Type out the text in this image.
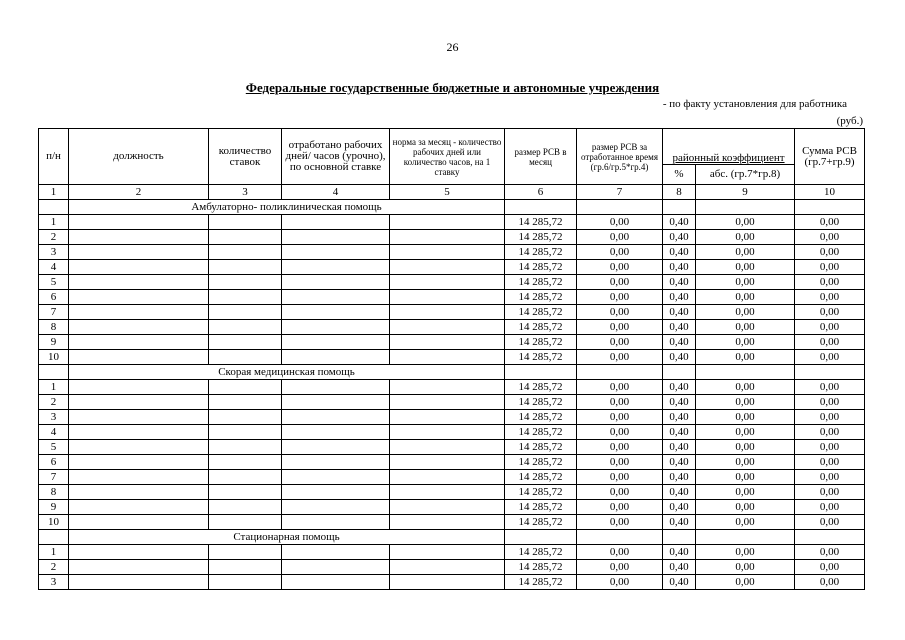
26
Федеральные государственные бюджетные и автономные учреждения
- по факту установления для работника
(руб.)
п/н	должность	количество ставок	отработано рабочих дней/ часов (урочно), по основной ставке	норма за месяц - количество рабочих дней или количество часов, на 1 ставку	размер РСВ в месяц	размер РСВ за отработанное время (гр.6/гр.5*гр.4)	районный коэффициент		Сумма РСВ (гр.7+гр.9)
							%	абс. (гр.7*гр.8)	
1	2	3	4	5	6	7	8	9	10
	Амбулаторно- поликлиническая помощь								
1					14 285,72	0,00	0,40	0,00	0,00
2					14 285,72	0,00	0,40	0,00	0,00
3					14 285,72	0,00	0,40	0,00	0,00
4					14 285,72	0,00	0,40	0,00	0,00
5					14 285,72	0,00	0,40	0,00	0,00
6					14 285,72	0,00	0,40	0,00	0,00
7					14 285,72	0,00	0,40	0,00	0,00
8					14 285,72	0,00	0,40	0,00	0,00
9					14 285,72	0,00	0,40	0,00	0,00
10					14 285,72	0,00	0,40	0,00	0,00
	Скорая медицинская помощь								
1					14 285,72	0,00	0,40	0,00	0,00
2					14 285,72	0,00	0,40	0,00	0,00
3					14 285,72	0,00	0,40	0,00	0,00
4					14 285,72	0,00	0,40	0,00	0,00
5					14 285,72	0,00	0,40	0,00	0,00
6					14 285,72	0,00	0,40	0,00	0,00
7					14 285,72	0,00	0,40	0,00	0,00
8					14 285,72	0,00	0,40	0,00	0,00
9					14 285,72	0,00	0,40	0,00	0,00
10					14 285,72	0,00	0,40	0,00	0,00
	Стационарная помощь								
1					14 285,72	0,00	0,40	0,00	0,00
2					14 285,72	0,00	0,40	0,00	0,00
3					14 285,72	0,00	0,40	0,00	0,00
